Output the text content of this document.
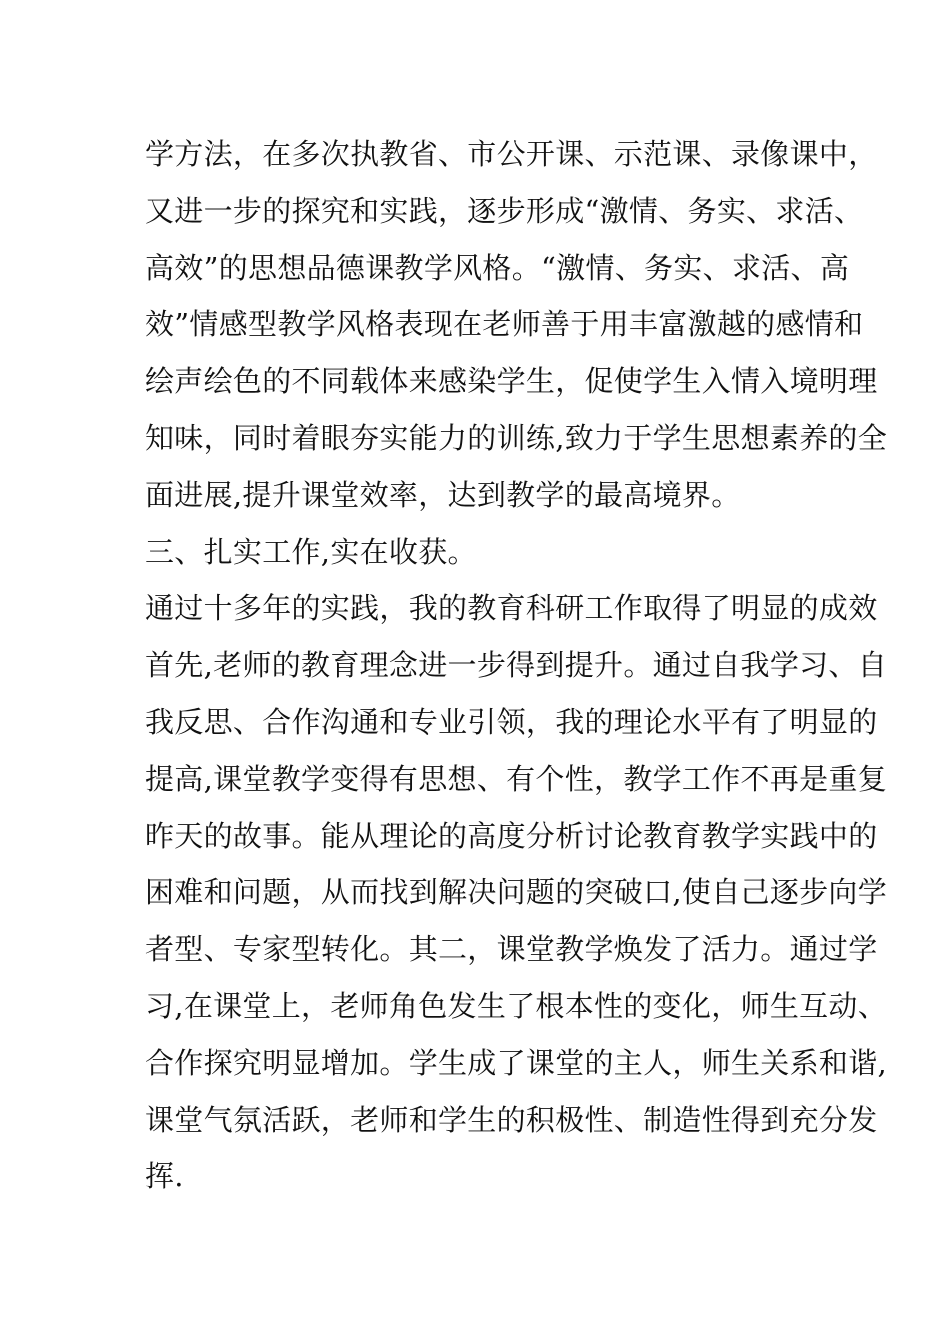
学方法，在多次执教省、市公开课、示范课、录像课中，
又进一步的探究和实践，逐步形成“激情、务实、求活、
高效”的思想品德课教学风格。“激情、务实、求活、高
效”情感型教学风格表现在老师善于用丰富激越的感情和
绘声绘色的不同载体来感染学生，促使学生入情入境明理
知味，同时着眼夯实能力的训练,致力于学生思想素养的全
面进展,提升课堂效率，达到教学的最高境界。
三、扎实工作,实在收获。
通过十多年的实践，我的教育科研工作取得了明显的成效
首先,老师的教育理念进一步得到提升。通过自我学习、自
我反思、合作沟通和专业引领，我的理论水平有了明显的
提高,课堂教学变得有思想、有个性，教学工作不再是重复
昨天的故事。能从理论的高度分析讨论教育教学实践中的
困难和问题，从而找到解决问题的突破口,使自己逐步向学
者型、专家型转化。其二，课堂教学焕发了活力。通过学
习,在课堂上，老师角色发生了根本性的变化，师生互动、
合作探究明显增加。学生成了课堂的主人，师生关系和谐,
课堂气氛活跃，老师和学生的积极性、制造性得到充分发
挥.
